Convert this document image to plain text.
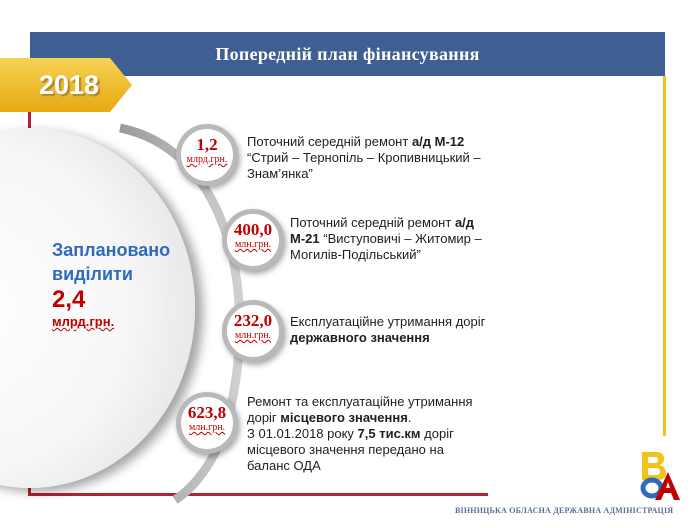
Попередній план фінансування
2018
Заплановано
виділити
2,4
млрд.грн.
1,2
млрд.грн.
Поточний середній ремонт а/д М-12
“Стрий – Тернопіль – Кропивницький –
Знам’янка”
400,0
млн.грн.
Поточний середній ремонт а/д
М-21 “Виступовичі – Житомир –
Могилів-Подільський”
232,0
млн.грн.
Експлуатаційне утримання доріг
державного значення
623,8
млн.грн.
Ремонт та експлуатаційне утримання
доріг місцевого значення.
З 01.01.2018 року 7,5 тис.км доріг
місцевого значення передано на
баланс ОДА
ВІННИЦЬКА ОБЛАСНА ДЕРЖАВНА АДМІНІСТРАЦІЯ
